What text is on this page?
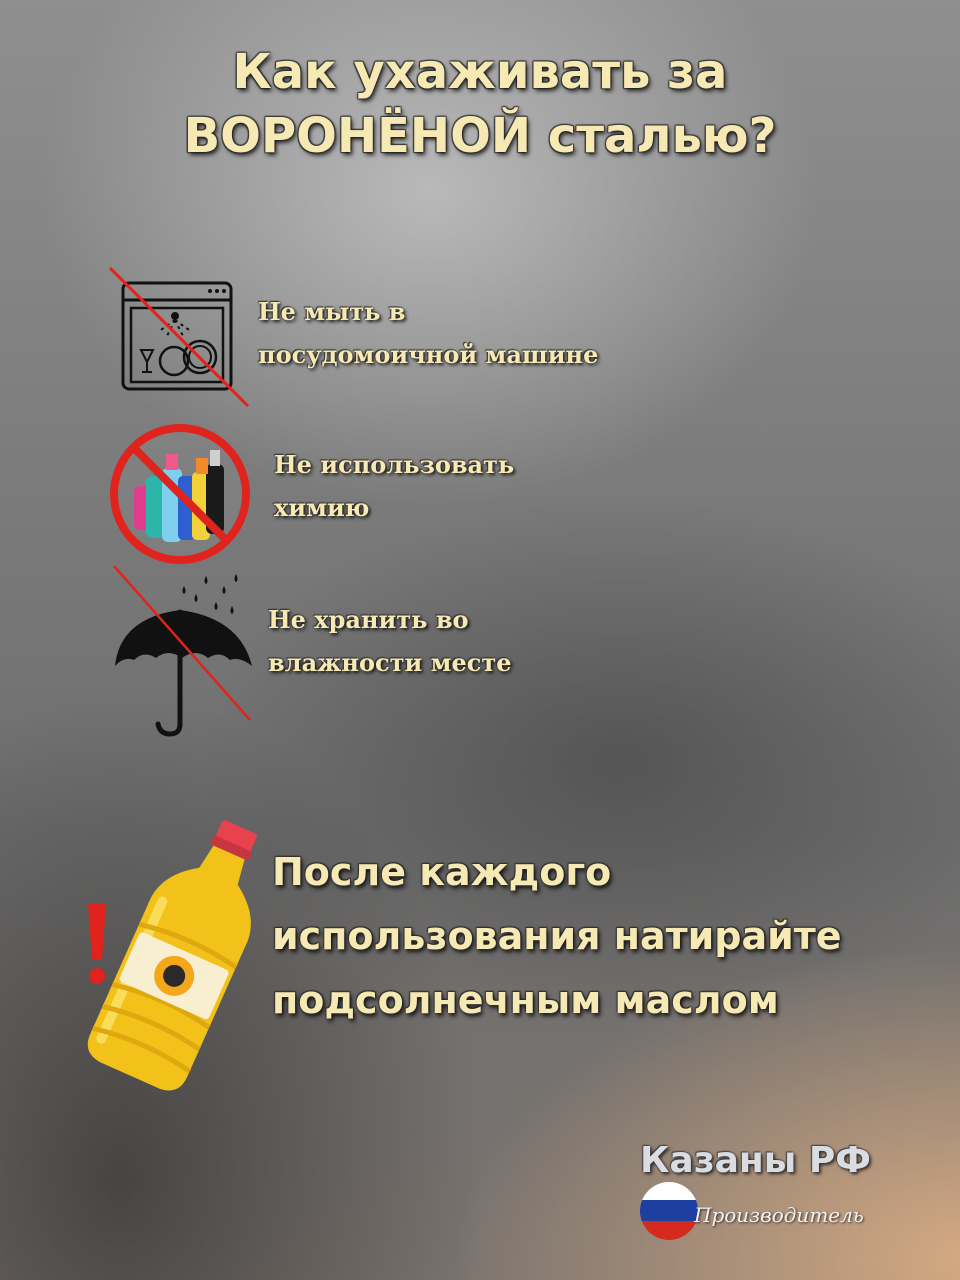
Как ухаживать за
ВОРОНЁНОЙ сталью?
Не мыть в
посудомоичной машине
Не использовать
химию
Не хранить во
влажности месте
После каждого
использования натирайте
подсолнечным маслом
Казаны РФ
Производитель
